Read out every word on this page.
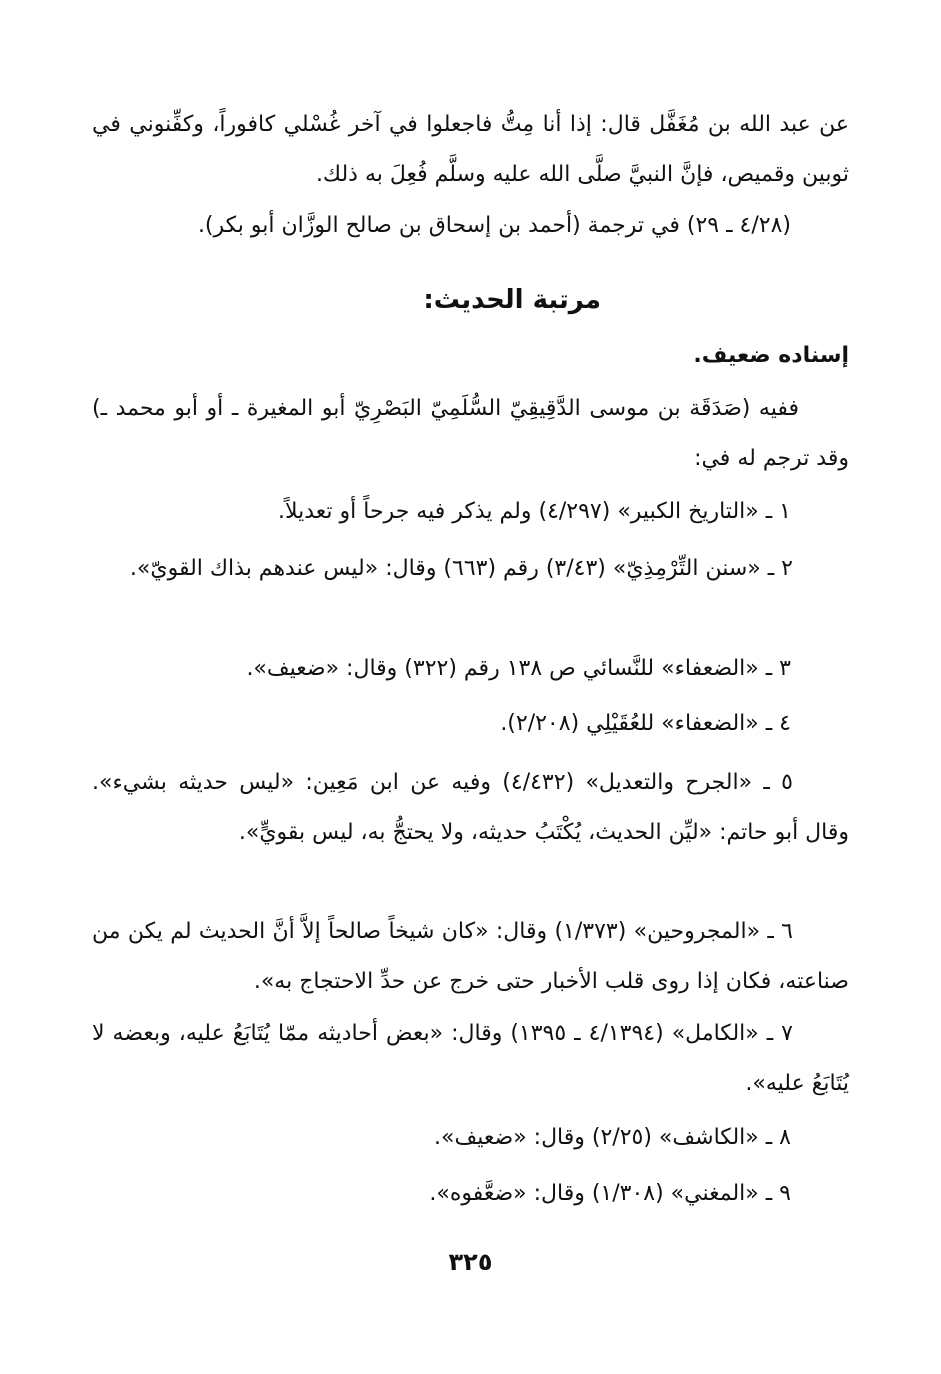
عن عبد الله بن مُغَفَّل قال: إذا أنا مِتُّ فاجعلوا في آخر غُسْلي كافوراً، وكفِّنوني في ثوبين وقميص، فإنَّ النبيَّ صلَّى الله عليه وسلَّم فُعِلَ به ذلك.
(٤/٢٨ ـ ٢٩) في ترجمة (أحمد بن إسحاق بن صالح الوزَّان أبو بكر).
مرتبة الحديث:
إسناده ضعيف.
ففيه (صَدَقَة بن موسى الدَّقِيقِيّ السُّلَمِيّ البَصْرِيّ أبو المغيرة ـ أو أبو محمد ـ) وقد ترجم له في:
١ ـ «التاريخ الكبير» (٤/٢٩٧) ولم يذكر فيه جرحاً أو تعديلاً.
٢ ـ «سنن التِّرْمِذِيّ» (٣/٤٣) رقم (٦٦٣) وقال: «ليس عندهم بذاك القويّ».
٣ ـ «الضعفاء» للنَّسائي ص ١٣٨ رقم (٣٢٢) وقال: «ضعيف».
٤ ـ «الضعفاء» للعُقَيْلِي (٢/٢٠٨).
٥ ـ «الجرح والتعديل» (٤/٤٣٢) وفيه عن ابن مَعِين: «ليس حديثه بشيء». وقال أبو حاتم: «ليِّن الحديث، يُكْتَبُ حديثه، ولا يحتجُّ به، ليس بقويٍّ».
٦ ـ «المجروحين» (١/٣٧٣) وقال: «كان شيخاً صالحاً إلاَّ أنَّ الحديث لم يكن من صناعته، فكان إذا روى قلب الأخبار حتى خرج عن حدِّ الاحتجاج به».
٧ ـ «الكامل» (٤/١٣٩٤ ـ ١٣٩٥) وقال: «بعض أحاديثه ممّا يُتَابَعُ عليه، وبعضه لا يُتَابَعُ عليه».
٨ ـ «الكاشف» (٢/٢٥) وقال: «ضعيف».
٩ ـ «المغني» (١/٣٠٨) وقال: «ضعَّفوه».
٣٢٥
